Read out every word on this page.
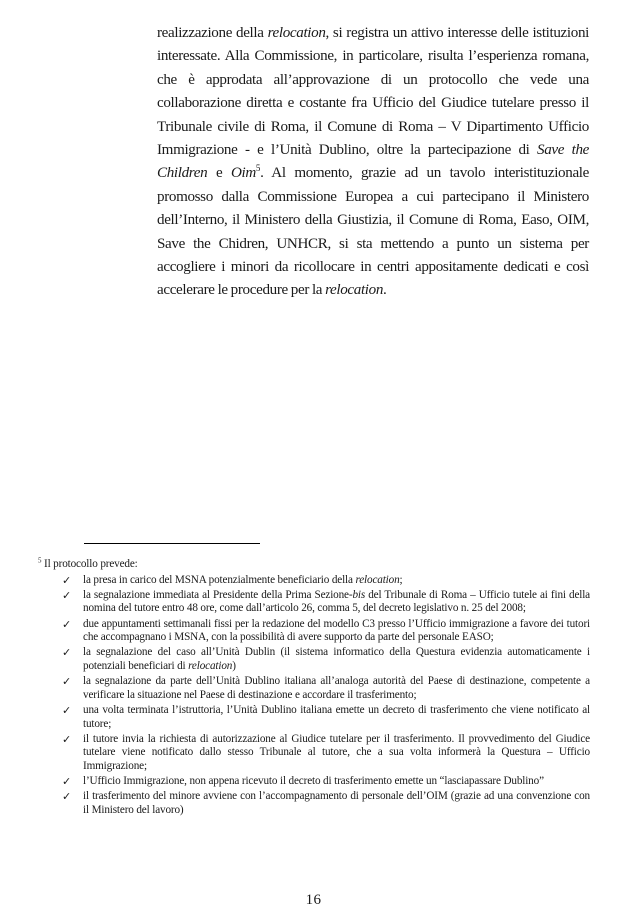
realizzazione della relocation, si registra un attivo interesse delle istituzioni interessate. Alla Commissione, in particolare, risulta l’esperienza romana, che è approdata all’approvazione di un protocollo che vede una collaborazione diretta e costante fra Ufficio del Giudice tutelare presso il Tribunale civile di Roma, il Comune di Roma – V Dipartimento Ufficio Immigrazione - e l’Unità Dublino, oltre la partecipazione di Save the Children e Oim$^5$. Al momento, grazie ad un tavolo interistituzionale promosso dalla Commissione Europea a cui partecipano il Ministero dell’Interno, il Ministero della Giustizia, il Comune di Roma, Easo, OIM, Save the Chidren, UNHCR, si sta mettendo a punto un sistema per accogliere i minori da ricollocare in centri appositamente dedicati e così accelerare le procedure per la relocation.

$^5$ Il protocollo prevede:

✓ la presa in carico del MSNA potenzialmente beneficiario della relocation;
✓ la segnalazione immediata al Presidente della Prima Sezione-bis del Tribunale di Roma – Ufficio tutele ai fini della nomina del tutore entro 48 ore, come dall’articolo 26, comma 5, del decreto legislativo n. 25 del 2008;
✓ due appuntamenti settimanali fissi per la redazione del modello C3 presso l’Ufficio immigrazione a favore dei tutori che accompagnano i MSNA, con la possibilità di avere supporto da parte del personale EASO;
✓ la segnalazione del caso all’Unità Dublin (il sistema informatico della Questura evidenzia automaticamente i potenziali beneficiari di relocation)
✓ la segnalazione da parte dell’Unità Dublino italiana all’analoga autorità del Paese di destinazione, competente a verificare la situazione nel Paese di destinazione e accordare il trasferimento;
✓ una volta terminata l’istruttoria, l’Unità Dublino italiana emette un decreto di trasferimento che viene notificato al tutore;
✓ il tutore invia la richiesta di autorizzazione al Giudice tutelare per il trasferimento. Il provvedimento del Giudice tutelare viene notificato dallo stesso Tribunale al tutore, che a sua volta informerà la Questura – Ufficio Immigrazione;
✓ l’Ufficio Immigrazione, non appena ricevuto il decreto di trasferimento emette un “lasciapassare Dublino”
✓ il trasferimento del minore avviene con l’accompagnamento di personale dell’OIM (grazie ad una convenzione con il Ministero del lavoro)
16
